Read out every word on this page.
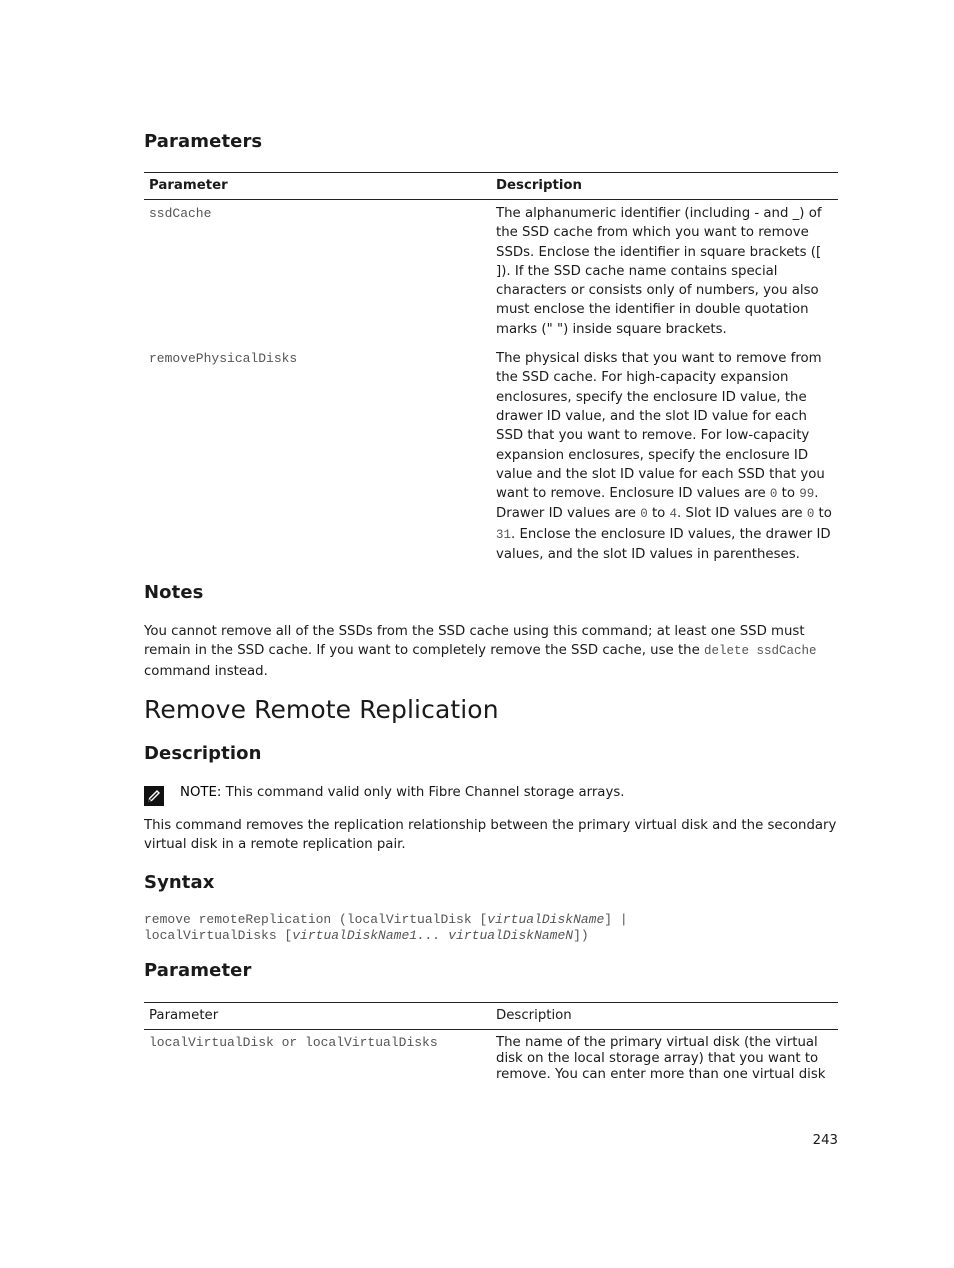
Parameters
Parameter	Description
ssdCache	The alphanumeric identifier (including - and _) of the SSD cache from which you want to remove SSDs. Enclose the identifier in square brackets ([ ]). If the SSD cache name contains special characters or consists only of numbers, you also must enclose the identifier in double quotation marks (" ") inside square brackets.
removePhysicalDisks	The physical disks that you want to remove from the SSD cache. For high-capacity expansion enclosures, specify the enclosure ID value, the drawer ID value, and the slot ID value for each SSD that you want to remove. For low-capacity expansion enclosures, specify the enclosure ID value and the slot ID value for each SSD that you want to remove. Enclosure ID values are 0 to 99. Drawer ID values are 0 to 4. Slot ID values are 0 to 31. Enclose the enclosure ID values, the drawer ID values, and the slot ID values in parentheses.
Notes
You cannot remove all of the SSDs from the SSD cache using this command; at least one SSD must remain in the SSD cache. If you want to completely remove the SSD cache, use the delete ssdCache command instead.
Remove Remote Replication
Description
NOTE: This command valid only with Fibre Channel storage arrays.
This command removes the replication relationship between the primary virtual disk and the secondary virtual disk in a remote replication pair.
Syntax
remove remoteReplication (localVirtualDisk [virtualDiskName] |
localVirtualDisks [virtualDiskName1... virtualDiskNameN])
Parameter
Parameter	Description
localVirtualDisk or localVirtualDisks	The name of the primary virtual disk (the virtual disk on the local storage array) that you want to remove. You can enter more than one virtual disk
243
